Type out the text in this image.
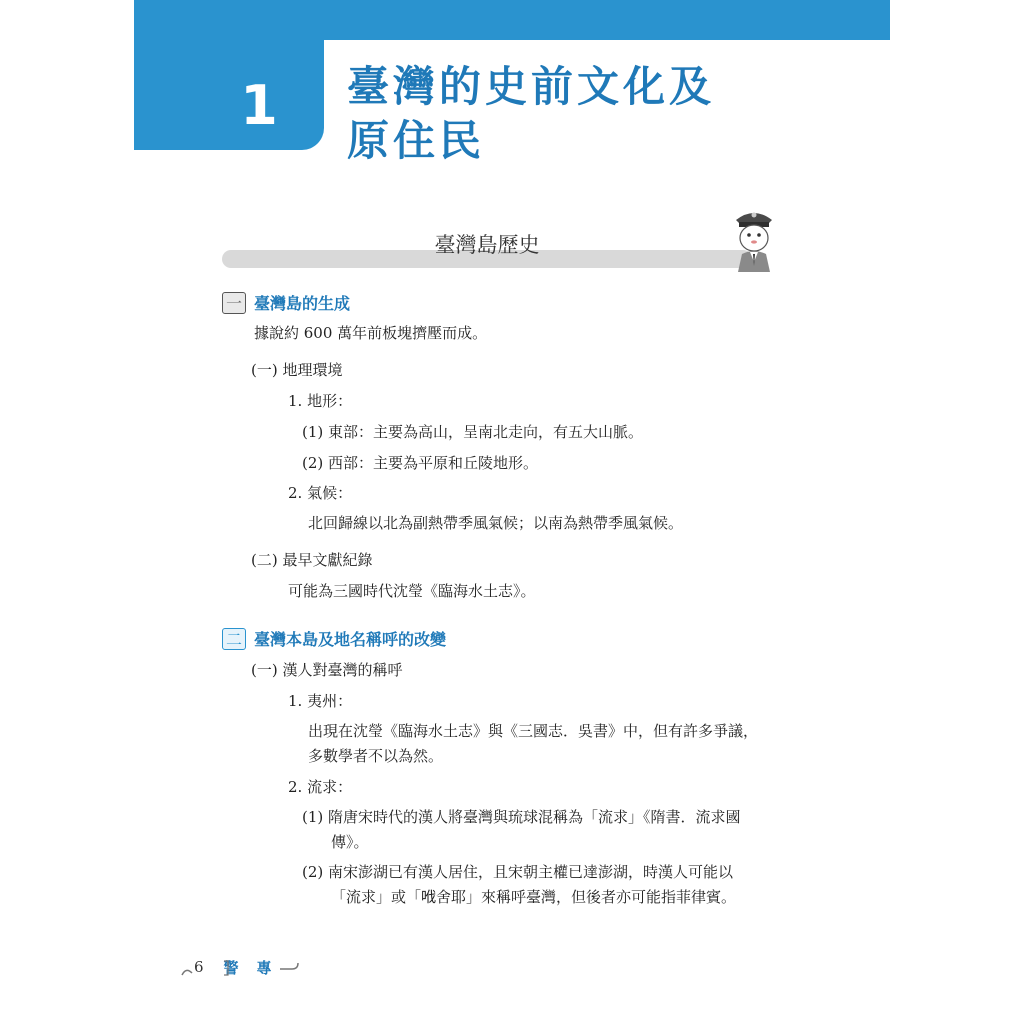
1	臺灣的史前文化及
原住民
臺灣島歷史
一 臺灣島的生成
據說約 600 萬年前板塊擠壓而成。
(一) 地理環境
1. 地形：
(1) 東部：主要為高山，呈南北走向，有五大山脈。
(2) 西部：主要為平原和丘陵地形。
2. 氣候：
北回歸線以北為副熱帶季風氣候；以南為熱帶季風氣候。
(二) 最早文獻紀錄
可能為三國時代沈瑩《臨海水土志》。
二 臺灣本島及地名稱呼的改變
(一) 漢人對臺灣的稱呼
1. 夷州：
出現在沈瑩《臨海水土志》與《三國志．吳書》中，但有許多爭議，
多數學者不以為然。
2. 流求：
(1) 隋唐宋時代的漢人將臺灣與琉球混稱為「流求」《隋書．流求國
傳》。
(2) 南宋澎湖已有漢人居住，且宋朝主權已達澎湖，時漢人可能以
「流求」或「𠲎舍耶」來稱呼臺灣，但後者亦可能指菲律賓。
6 警專
